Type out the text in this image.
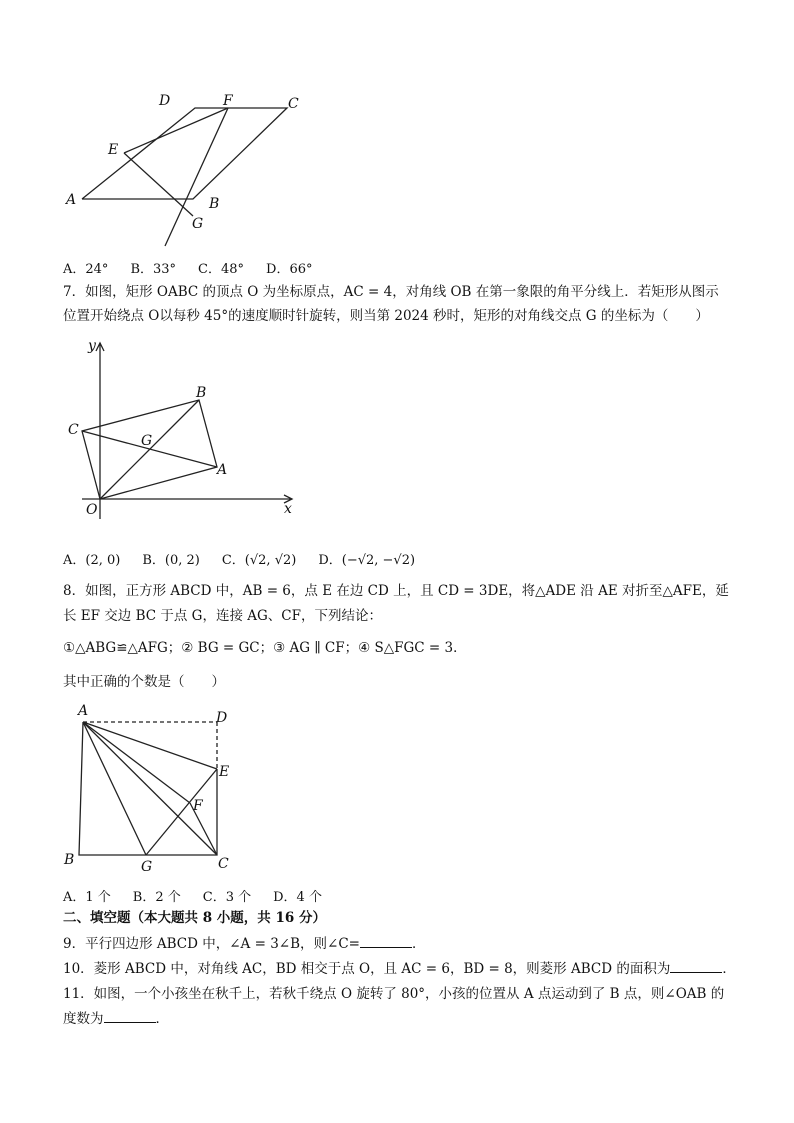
D	F	C
E
A	B
G
A．24° B．33° C．48° D．66°
7．如图，矩形 OABC 的顶点 O 为坐标原点，AC = 4，对角线 OB 在第一象限的角平分线上．若矩形从图示
位置开始绕点 O以每秒 45°的速度顺时针旋转，则当第 2024 秒时，矩形的对角线交点 G 的坐标为（　　）
y
x
O
A
B
C
G
A．(2, 0) B．(0, 2) C．(√2, √2) D．(−√2, −√2)
8．如图，正方形 ABCD 中，AB = 6，点 E 在边 CD 上，且 CD = 3DE，将△ADE 沿 AE 对折至△AFE，延
长 EF 交边 BC 于点 G，连接 AG、CF，下列结论：
①△ABG≌△AFG；② BG = GC；③ AG ∥ CF；④ S△FGC = 3．
其中正确的个数是（　　）
A	D
E
F
B	G	C
A．1 个 B．2 个 C．3 个 D．4 个
二、填空题（本大题共 8 小题，共 16 分）
9．平行四边形 ABCD 中，∠A = 3∠B，则∠C=	．
10．菱形 ABCD 中，对角线 AC，BD 相交于点 O，且 AC = 6，BD = 8，则菱形 ABCD 的面积为	．
11．如图，一个小孩坐在秋千上，若秋千绕点 O 旋转了 80°，小孩的位置从 A 点运动到了 B 点，则∠OAB 的
度数为	．
